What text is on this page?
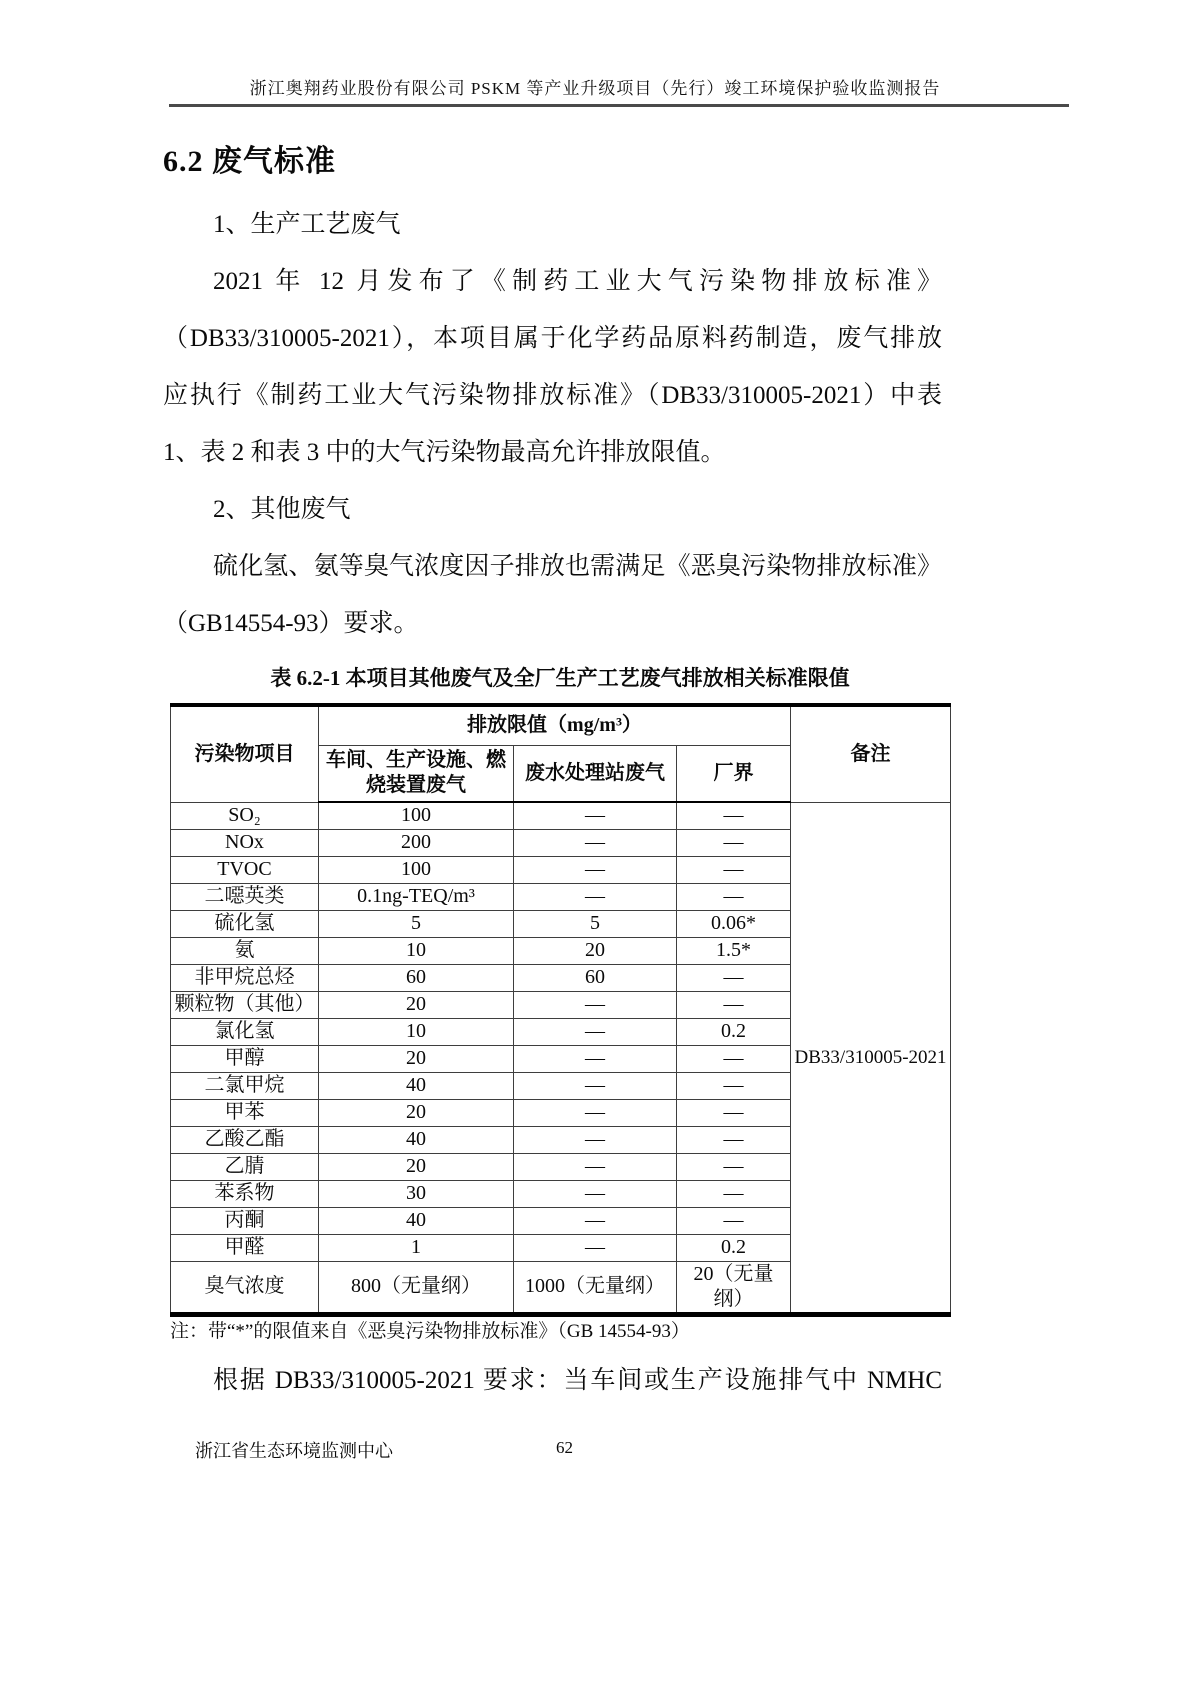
浙江奥翔药业股份有限公司 PSKM 等产业升级项目（先行）竣工环境保护验收监测报告
6.2 废气标准
1、生产工艺废气
2021 年 12 月发布了《制药工业大气污染物排放标准》
（DB33/310005-2021），本项目属于化学药品原料药制造，废气排放
应执行《制药工业大气污染物排放标准》（DB33/310005-2021）中表
1、表 2 和表 3 中的大气污染物最高允许排放限值。
2、其他废气
硫化氢、氨等臭气浓度因子排放也需满足《恶臭污染物排放标准》
（GB14554-93）要求。
表 6.2-1 本项目其他废气及全厂生产工艺废气排放相关标准限值
污染物项目	排放限值（mg/m³）			备注
	车间、生产设施、燃烧装置废气	废水处理站废气	厂界	
SO₂	100	—	—	DB33/310005-2021
NOx	200	—	—	
TVOC	100	—	—	
二噁英类	0.1ng-TEQ/m³	—	—	
硫化氢	5	5	0.06*	
氨	10	20	1.5*	
非甲烷总烃	60	60	—	
颗粒物（其他）	20	—	—	
氯化氢	10	—	0.2	
甲醇	20	—	—	
二氯甲烷	40	—	—	
甲苯	20	—	—	
乙酸乙酯	40	—	—	
乙腈	20	—	—	
苯系物	30	—	—	
丙酮	40	—	—	
甲醛	1	—	0.2	
臭气浓度	800（无量纲）	1000（无量纲）	20（无量纲）	
注：带“*”的限值来自《恶臭污染物排放标准》（GB 14554-93）
根据 DB33/310005-2021 要求：当车间或生产设施排气中 NMHC
浙江省生态环境监测中心	62
